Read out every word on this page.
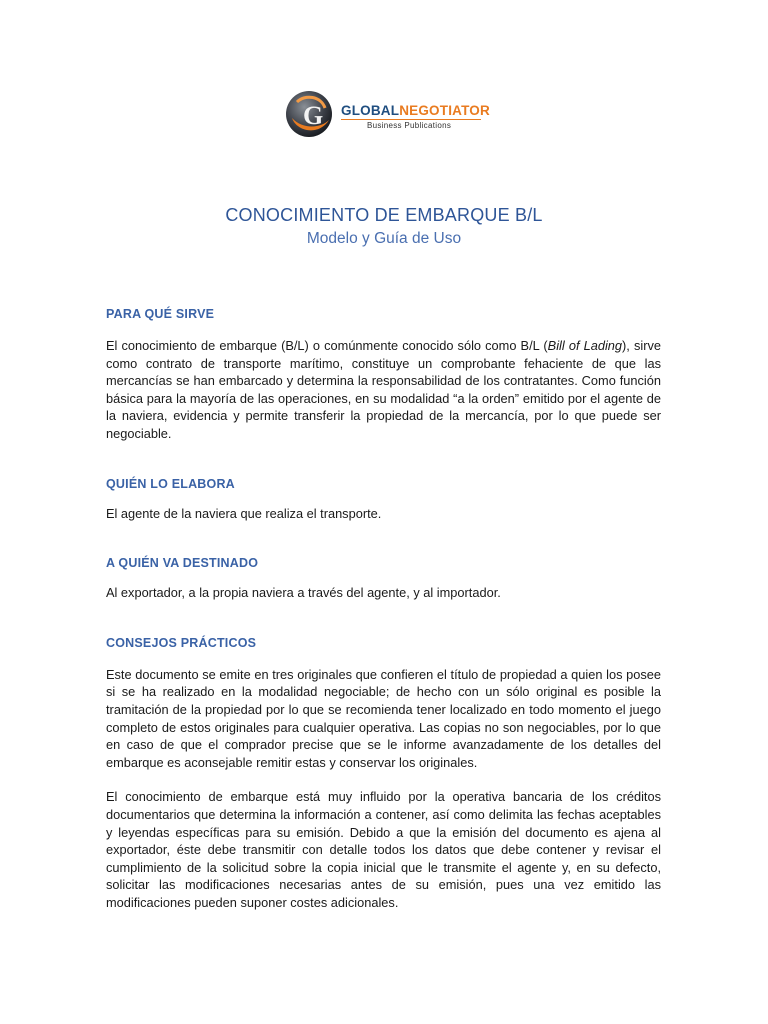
G GLOBALNEGOTIATOR
Business Publications
CONOCIMIENTO DE EMBARQUE B/L
Modelo y Guía de Uso
PARA QUÉ SIRVE

El conocimiento de embarque (B/L) o comúnmente conocido sólo como B/L (Bill of Lading), sirve como contrato de transporte marítimo, constituye un comprobante fehaciente de que las mercancías se han embarcado y determina la responsabilidad de los contratantes. Como función básica para la mayoría de las operaciones, en su modalidad “a la orden” emitido por el agente de la naviera, evidencia y permite transferir la propiedad de la mercancía, por lo que puede ser negociable.

QUIÉN LO ELABORA

El agente de la naviera que realiza el transporte.

A QUIÉN VA DESTINADO

Al exportador, a la propia naviera a través del agente, y al importador.

CONSEJOS PRÁCTICOS

Este documento se emite en tres originales que confieren el título de propiedad a quien los posee si se ha realizado en la modalidad negociable; de hecho con un sólo original es posible la tramitación de la propiedad por lo que se recomienda tener localizado en todo momento el juego completo de estos originales para cualquier operativa. Las copias no son negociables, por lo que en caso de que el comprador precise que se le informe avanzadamente de los detalles del embarque es aconsejable remitir estas y conservar los originales.

El conocimiento de embarque está muy influido por la operativa bancaria de los créditos documentarios que determina la información a contener, así como delimita las fechas aceptables y leyendas específicas para su emisión. Debido a que la emisión del documento es ajena al exportador, éste debe transmitir con detalle todos los datos que debe contener y revisar el cumplimiento de la solicitud sobre la copia inicial que le transmite el agente y, en su defecto, solicitar las modificaciones necesarias antes de su emisión, pues una vez emitido las modificaciones pueden suponer costes adicionales.
